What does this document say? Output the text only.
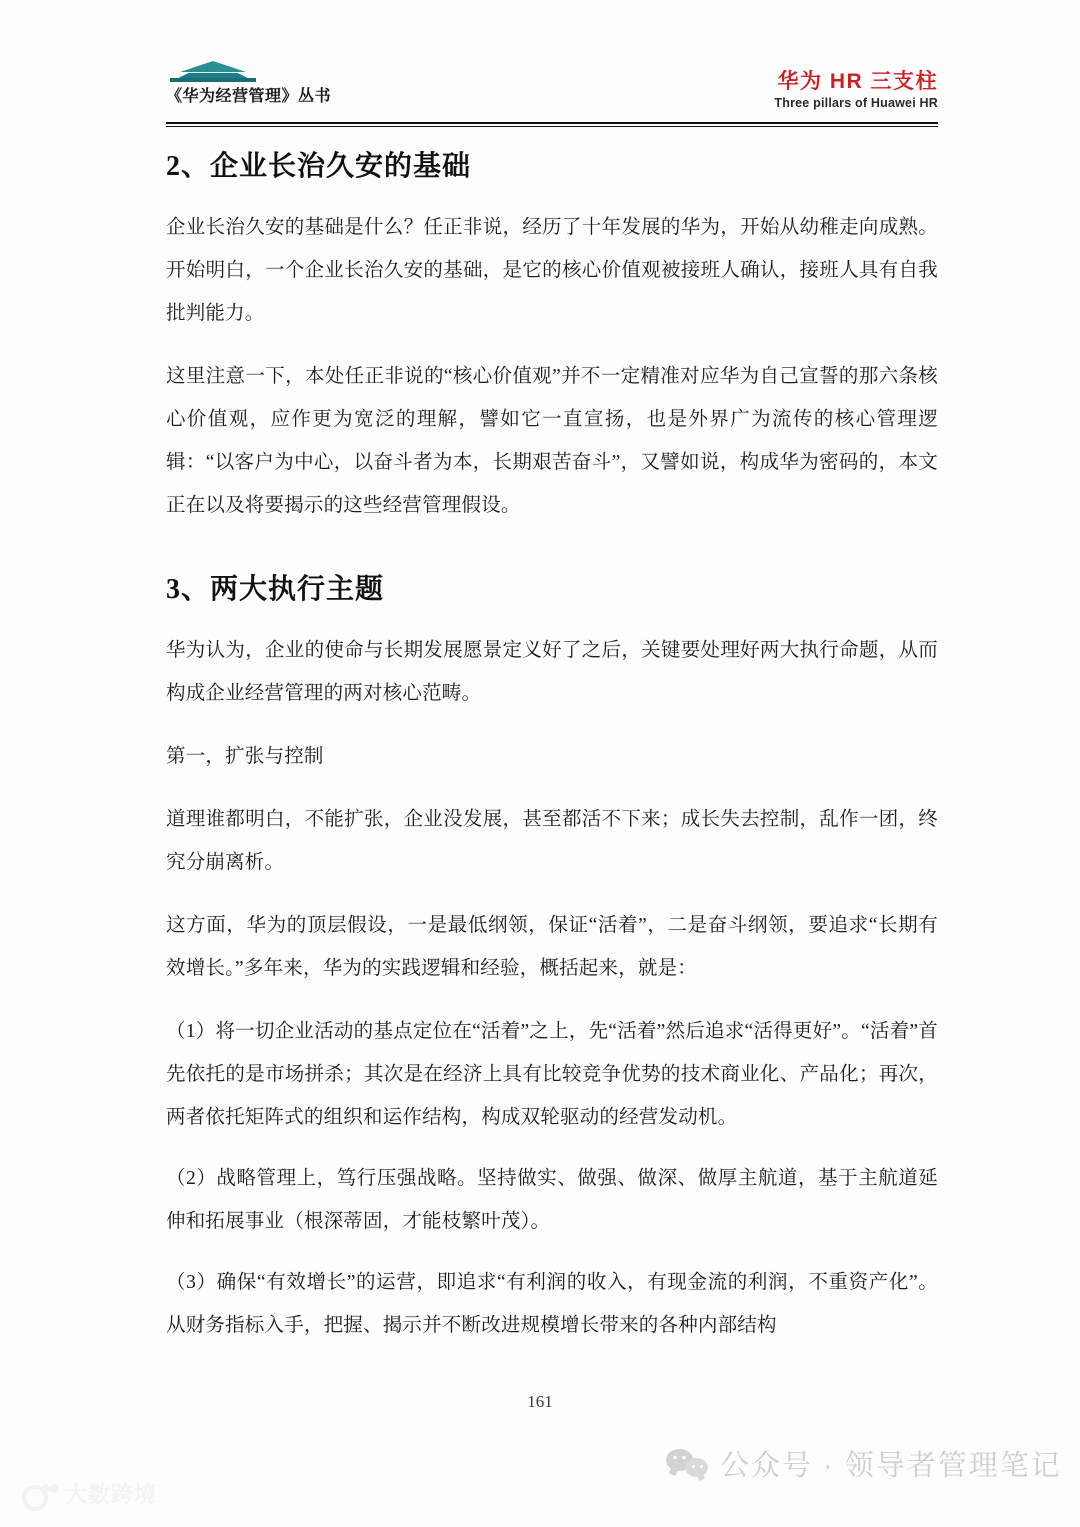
《华为经营管理》丛书
华为 HR 三支柱
Three pillars of Huawei HR
2、企业长治久安的基础

企业长治久安的基础是什么？任正非说，经历了十年发展的华为，开始从幼稚走向成熟。开始明白，一个企业长治久安的基础，是它的核心价值观被接班人确认，接班人具有自我批判能力。

这里注意一下，本处任正非说的“核心价值观”并不一定精准对应华为自己宣誓的那六条核心价值观，应作更为宽泛的理解，譬如它一直宣扬，也是外界广为流传的核心管理逻辑：“以客户为中心，以奋斗者为本，长期艰苦奋斗”，又譬如说，构成华为密码的，本文正在以及将要揭示的这些经营管理假设。

3、两大执行主题

华为认为，企业的使命与长期发展愿景定义好了之后，关键要处理好两大执行命题，从而构成企业经营管理的两对核心范畴。

第一，扩张与控制

道理谁都明白，不能扩张，企业没发展，甚至都活不下来；成长失去控制，乱作一团，终究分崩离析。

这方面，华为的顶层假设，一是最低纲领，保证“活着”，二是奋斗纲领，要追求“长期有效增长。”多年来，华为的实践逻辑和经验，概括起来，就是：

（1）将一切企业活动的基点定位在“活着”之上，先“活着”然后追求“活得更好”。“活着”首先依托的是市场拼杀；其次是在经济上具有比较竞争优势的技术商业化、产品化；再次，两者依托矩阵式的组织和运作结构，构成双轮驱动的经营发动机。

（2）战略管理上，笃行压强战略。坚持做实、做强、做深、做厚主航道，基于主航道延伸和拓展事业（根深蒂固，才能枝繁叶茂）。

（3）确保“有效增长”的运营，即追求“有利润的收入，有现金流的利润，不重资产化”。从财务指标入手，把握、揭示并不断改进规模增长带来的各种内部结构

161
公众号 · 领导者管理笔记
大数跨境
